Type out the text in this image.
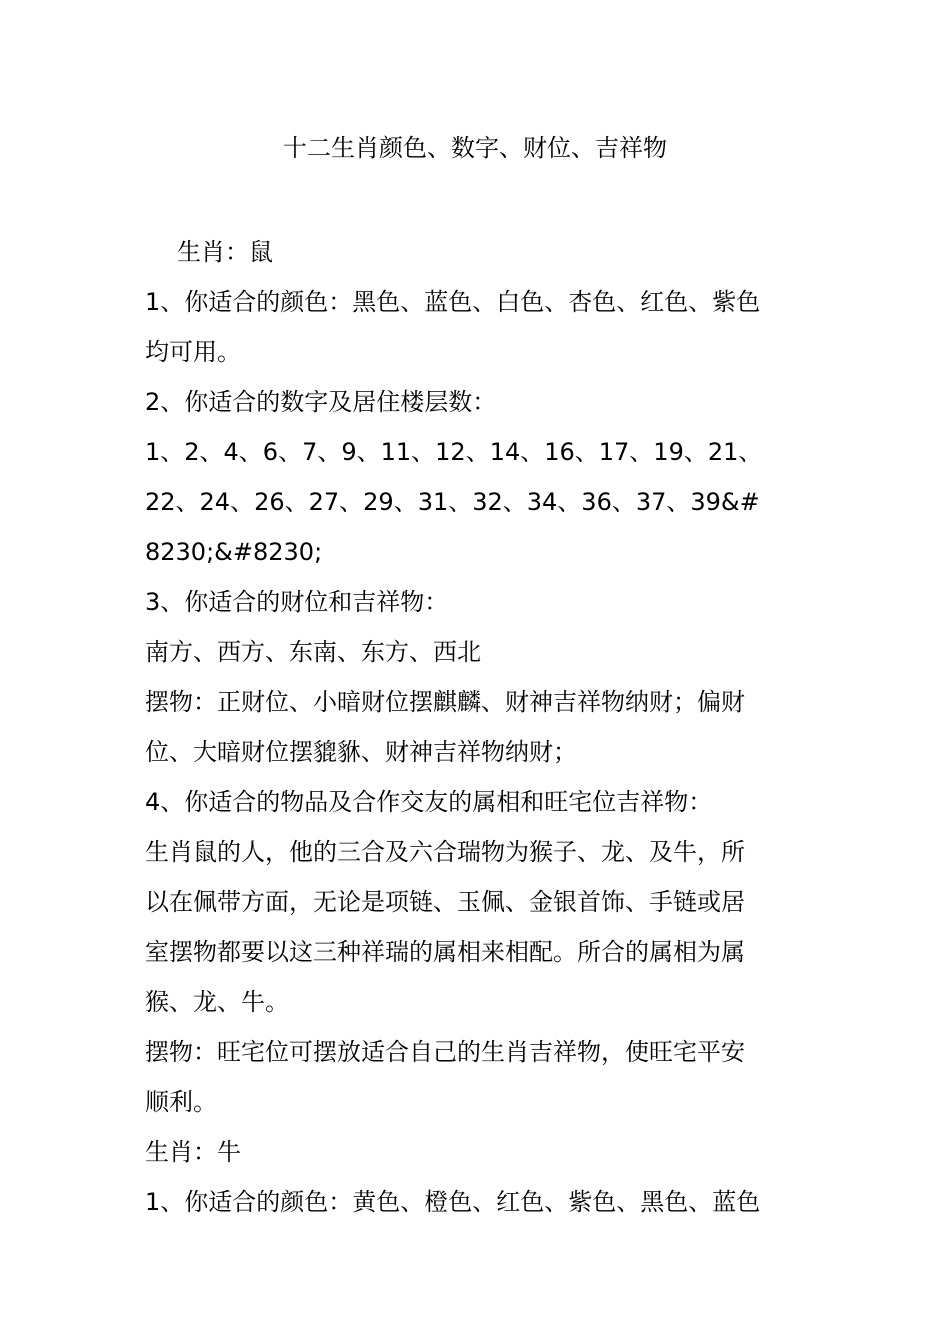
十二生肖颜色、数字、财位、吉祥物
生肖：鼠
1、你适合的颜色：黑色、蓝色、白色、杏色、红色、紫色
均可用。
2、你适合的数字及居住楼层数：
1、2、4、6、7、9、11、12、14、16、17、19、21、
22、24、26、27、29、31、32、34、36、37、39&#
8230;&#8230;
3、你适合的财位和吉祥物：
南方、西方、东南、东方、西北
摆物：正财位、小暗财位摆麒麟、财神吉祥物纳财；偏财
位、大暗财位摆貔貅、财神吉祥物纳财；
4、你适合的物品及合作交友的属相和旺宅位吉祥物：
生肖鼠的人，他的三合及六合瑞物为猴子、龙、及牛，所
以在佩带方面，无论是项链、玉佩、金银首饰、手链或居
室摆物都要以这三种祥瑞的属相来相配。所合的属相为属
猴、龙、牛。
摆物：旺宅位可摆放适合自己的生肖吉祥物，使旺宅平安
顺利。
生肖：牛
1、你适合的颜色：黄色、橙色、红色、紫色、黑色、蓝色
